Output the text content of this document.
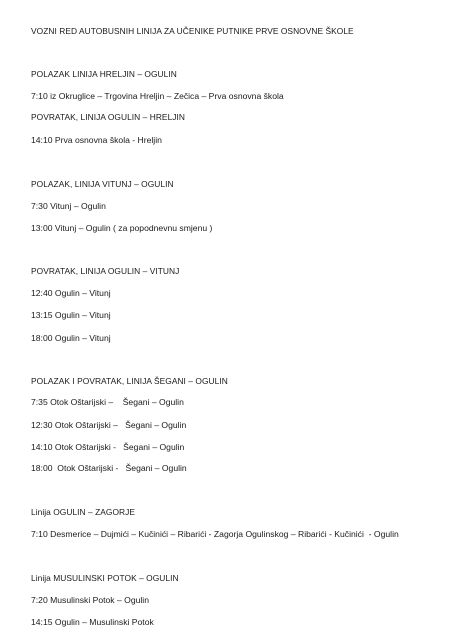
VOZNI RED AUTOBUSNIH LINIJA ZA UČENIKE PUTNIKE PRVE OSNOVNE ŠKOLE
POLAZAK LINIJA HRELJIN – OGULIN
7:10 iz Okruglice – Trgovina Hreljin – Zečica – Prva osnovna škola
POVRATAK, LINIJA OGULIN – HRELJIN
14:10 Prva osnovna škola - Hreljin
POLAZAK, LINIJA VITUNJ – OGULIN
7:30 Vitunj – Ogulin
13:00 Vitunj – Ogulin ( za popodnevnu smjenu )
POVRATAK, LINIJA OGULIN – VITUNJ
12:40 Ogulin – Vitunj
13:15 Ogulin – Vitunj
18:00 Ogulin – Vitunj
POLAZAK I POVRATAK, LINIJA ŠEGANI – OGULIN
7:35 Otok Oštarijski –    Šegani – Ogulin
12:30 Otok Oštarijski –   Šegani – Ogulin
14:10 Otok Oštarijski -   Šegani – Ogulin
18:00  Otok Oštarijski -   Šegani – Ogulin
Linija OGULIN – ZAGORJE
7:10 Desmerice – Dujmići – Kučinići – Ribarići - Zagorja Ogulinskog – Ribarići - Kučinići  - Ogulin
Linija MUSULINSKI POTOK – OGULIN
7:20 Musulinski Potok – Ogulin
14:15 Ogulin – Musulinski Potok
